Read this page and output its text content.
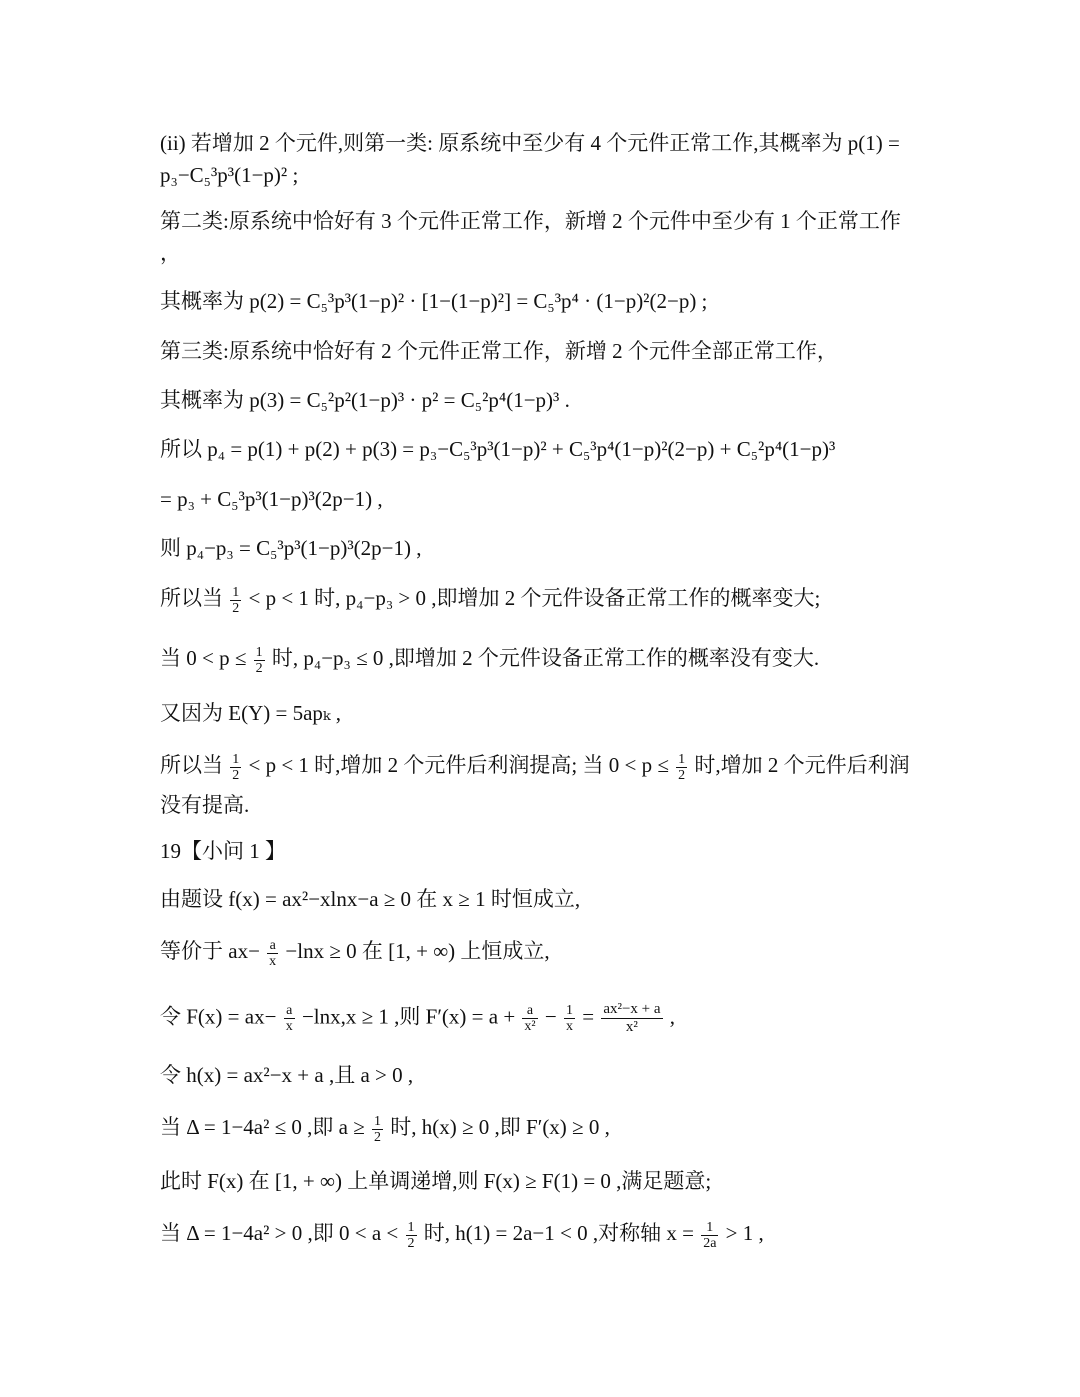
(ii) 若增加 2 个元件,则第一类: 原系统中至少有 4 个元件正常工作,其概率为 p(1) =
p₃−C₅³p³(1−p)² ;
第二类:原系统中恰好有 3 个元件正常工作，新增 2 个元件中至少有 1 个正常工作
，
其概率为 p(2) = C₅³p³(1−p)² · [1−(1−p)²] = C₅³p⁴ · (1−p)²(2−p) ;
第三类:原系统中恰好有 2 个元件正常工作，新增 2 个元件全部正常工作，
其概率为 p(3) = C₅²p²(1−p)³ · p² = C₅²p⁴(1−p)³ .
所以 p₄ = p(1) + p(2) + p(3) = p₃−C₅³p³(1−p)² + C₅³p⁴(1−p)²(2−p) + C₅²p⁴(1−p)³
= p₃ + C₅³p³(1−p)³(2p−1) ,
则 p₄−p₃ = C₅³p³(1−p)³(2p−1) ,
所以当 $\frac{1}{2} < p < 1$ 时, p₄−p₃ > 0 ,即增加 2 个元件设备正常工作的概率变大;
当 $0 < p \le \frac{1}{2}$ 时, p₄−p₃ ≤ 0 ,即增加 2 个元件设备正常工作的概率没有变大.
又因为 E(Y) = 5apₖ ,
所以当 $\frac{1}{2} < p < 1$ 时,增加 2 个元件后利润提高; 当 $0 < p \le \frac{1}{2}$ 时,增加 2 个元件后利润
没有提高.
19【小问 1 】
由题设 f(x) = ax²−xlnx−a ≥ 0 在 x ≥ 1 时恒成立,
等价于 $ax- \frac{a}{x} -\ln x \ge 0$ 在 [1, + ∞) 上恒成立,
令 $F(x) = ax- \frac{a}{x} -\ln x,x \ge 1$ ,则 $F'(x) = a + \frac{a}{\text{x²}} - \frac{1}{x} = \frac{\text{ax²−x + a}}{\text{x²}}$ ,
令 h(x) = ax²−x + a ,且 a > 0 ,
当 Δ = 1−4a² ≤ 0 ,即 $a \ge \frac{1}{2}$ 时, h(x) ≥ 0 ,即 F′(x) ≥ 0 ,
此时 F(x) 在 [1, + ∞) 上单调递增,则 F(x) ≥ F(1) = 0 ,满足题意;
当 Δ = 1−4a² > 0 ,即 $0 < a < \frac{1}{2}$ 时, h(1) = 2a−1 < 0 ,对称轴 $x = \frac{1}{2a} > 1$ ,
